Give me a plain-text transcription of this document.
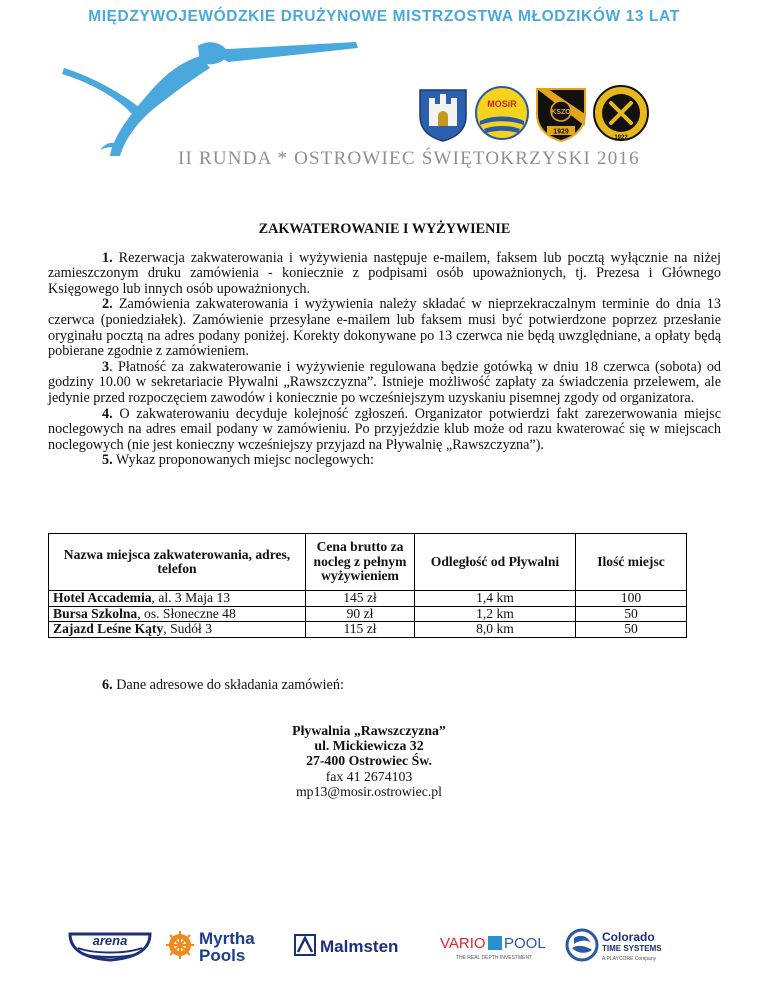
MIĘDZYWOJEWÓDZKIE DRUŻYNOWE MISTRZOSTWA MŁODZIKÓW 13 LAT
MOSiR
KSZO
1929
1922
II RUNDA * OSTROWIEC ŚWIĘTOKRZYSKI 2016
ZAKWATEROWANIE I WYŻYWIENIE

1. Rezerwacja zakwaterowania i wyżywienia następuje e-mailem, faksem lub pocztą wyłącznie na niżej zamieszczonym druku zamówienia - koniecznie z podpisami osób upoważnionych, tj. Prezesa i Głównego Księgowego lub innych osób upoważnionych.

2. Zamówienia zakwaterowania i wyżywienia należy składać w nieprzekraczalnym terminie do dnia 13 czerwca (poniedziałek). Zamówienie przesyłane e-mailem lub faksem musi być potwierdzone poprzez przesłanie oryginału pocztą na adres podany poniżej. Korekty dokonywane po 13 czerwca nie będą uwzględniane, a opłaty będą pobierane zgodnie z zamówieniem.

3. Płatność za zakwaterowanie i wyżywienie regulowana będzie gotówką w dniu 18 czerwca (sobota) od godziny 10.00 w sekretariacie Pływalni „Rawszczyzna”. Istnieje możliwość zapłaty za świadczenia przelewem, ale jedynie przed rozpoczęciem zawodów i koniecznie po wcześniejszym uzyskaniu pisemnej zgody od organizatora.

4. O zakwaterowaniu decyduje kolejność zgłoszeń. Organizator potwierdzi fakt zarezerwowania miejsc noclegowych na adres email podany w zamówieniu. Po przyjeździe klub może od razu kwaterować się w miejscach noclegowych (nie jest konieczny wcześniejszy przyjazd na Pływalnię „Rawszczyzna”).

5. Wykaz proponowanych miejsc noclegowych:

Nazwa miejsca zakwaterowania, adres, telefon	Cena brutto za nocleg z pełnym wyżywieniem	Odległość od Pływalni	Ilość miejsc
Hotel Accademia, al. 3 Maja 13	145 zł	1,4 km	100
Bursa Szkolna, os. Słoneczne 48	90 zł	1,2 km	50
Zajazd Leśne Kąty, Sudół 3	115 zł	8,0 km	50
6. Dane adresowe do składania zamówień:
Pływalnia „Rawszczyzna”
ul. Mickiewicza 32
27-400 Ostrowiec Św.
fax 41 2674103
mp13@mosir.ostrowiec.pl
arena	Myrtha
Pools	Malmsten	VARIO POOL
THE REAL DEPTH INVESTMENT
Colorado
TIME SYSTEMS
A PLAYCORE Company
